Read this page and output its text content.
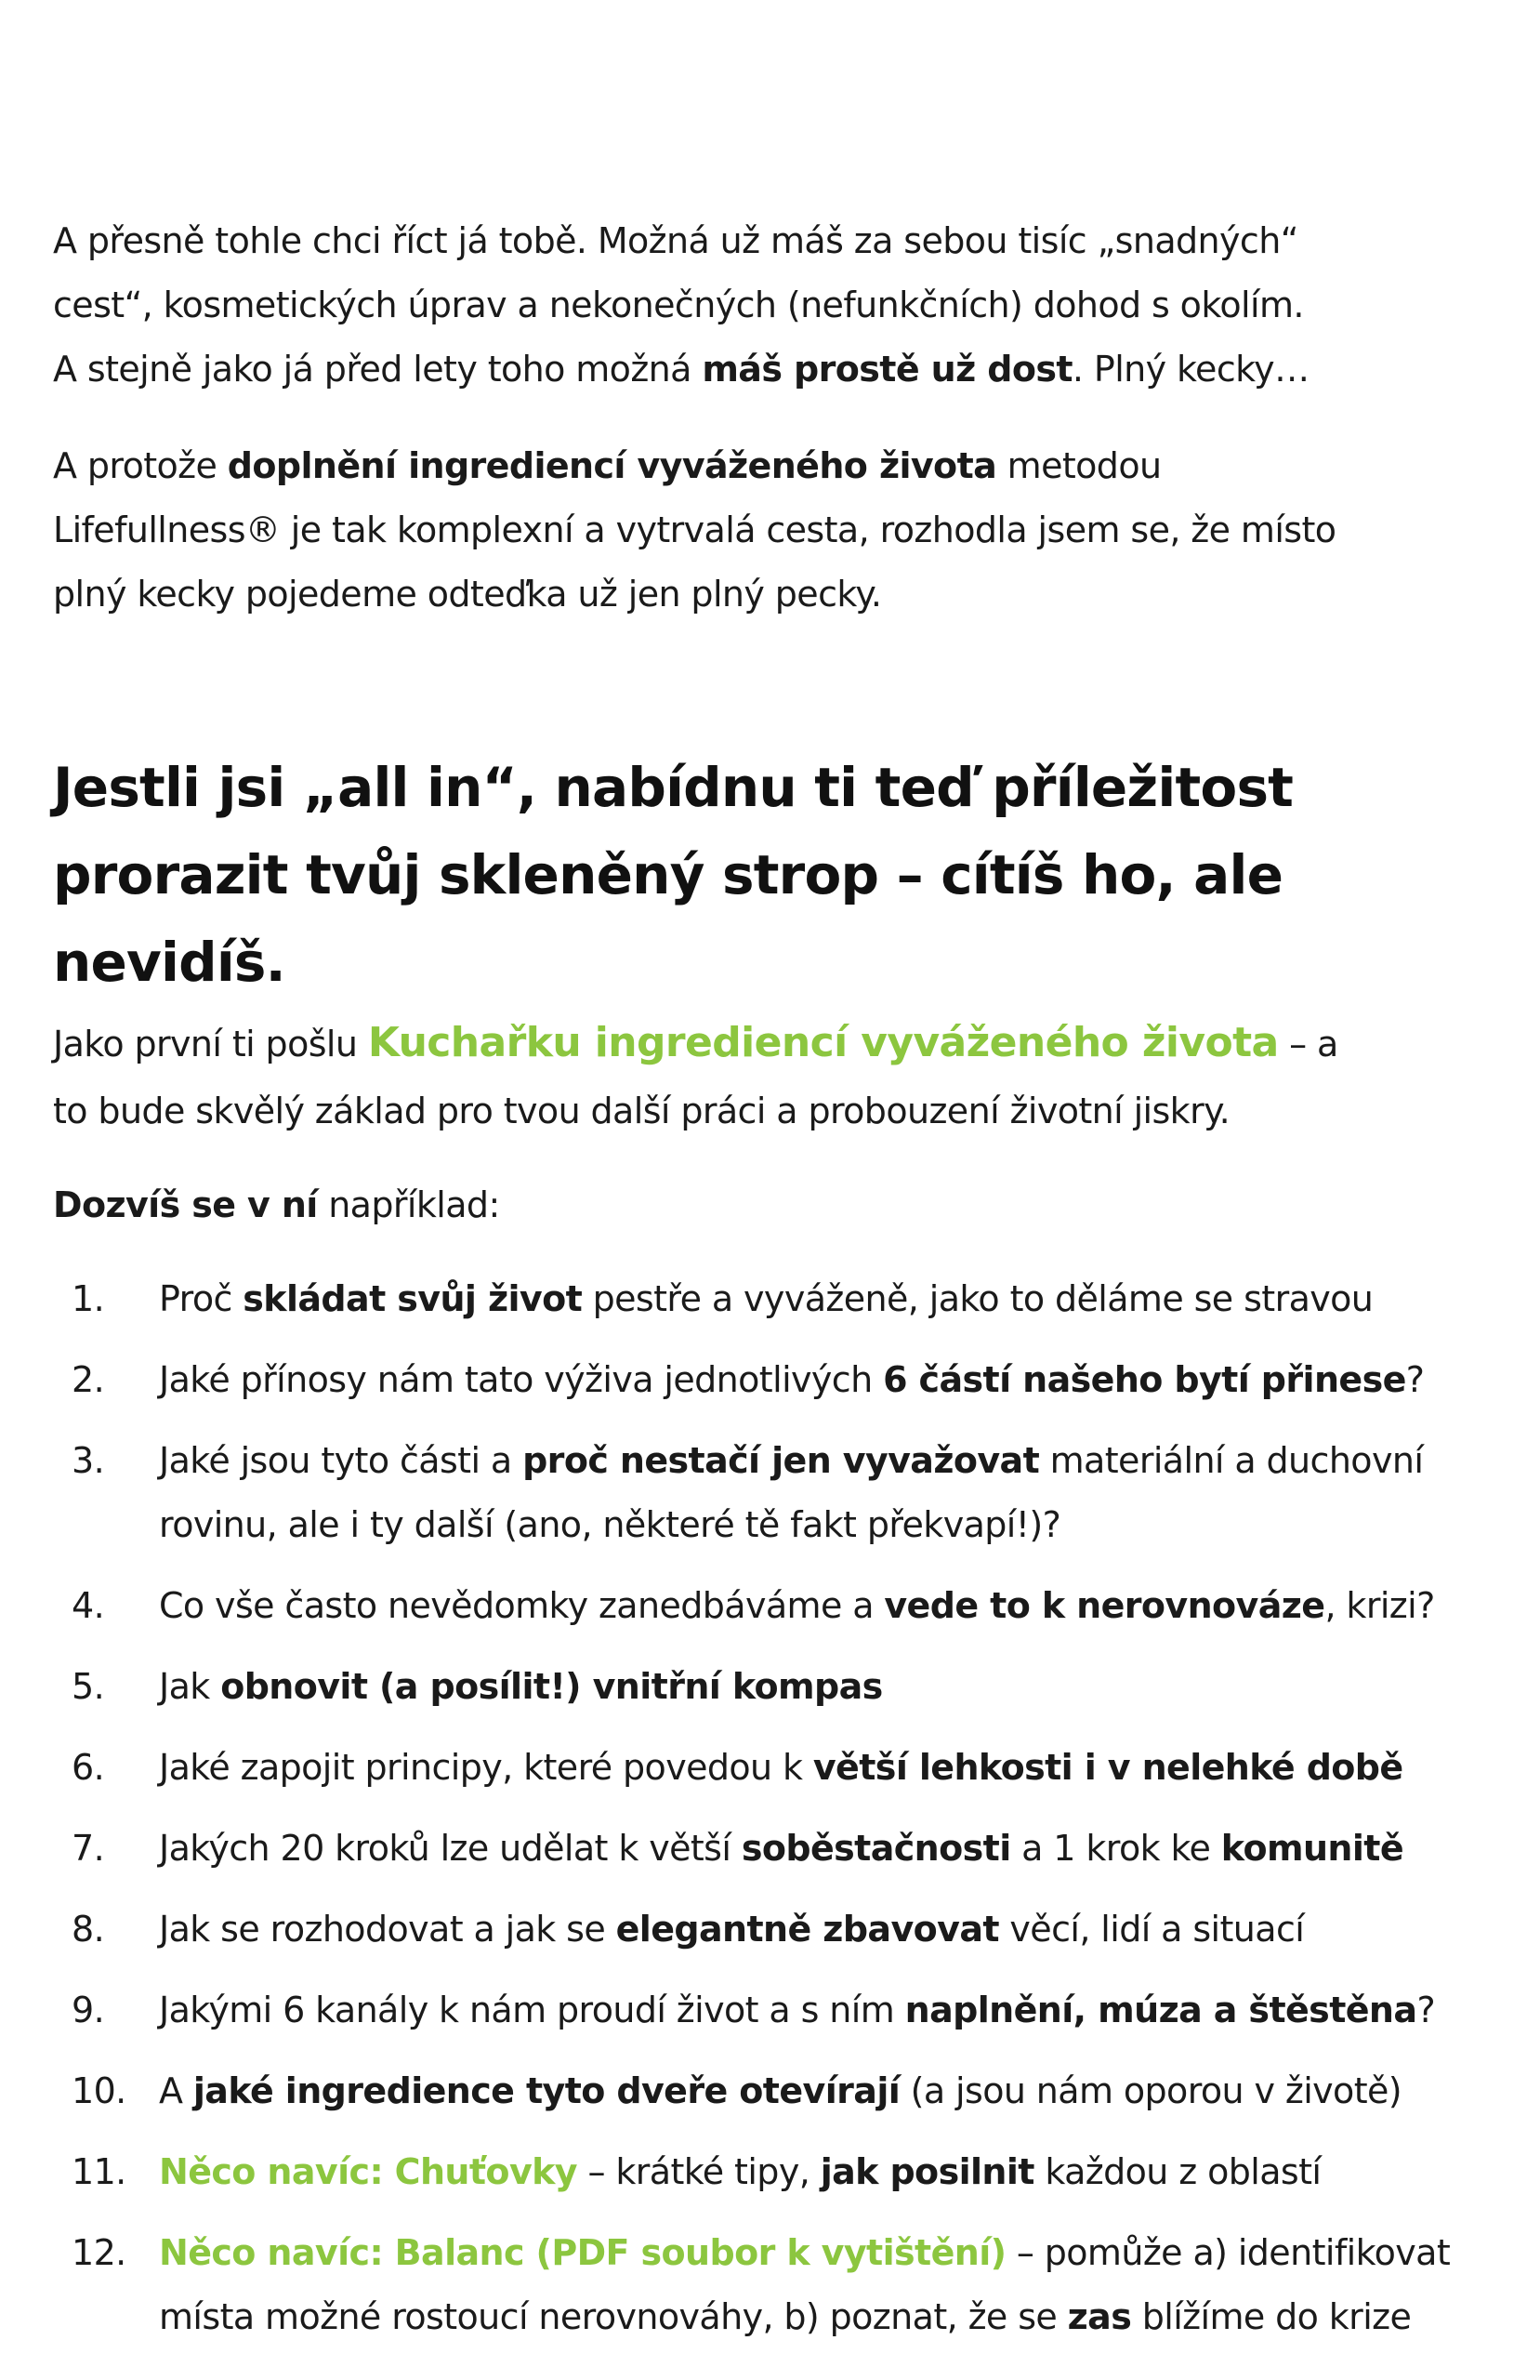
A přesně tohle chci říct já tobě. Možná už máš za sebou tisíc „snadných“
cest“, kosmetických úprav a nekonečných (nefunkčních) dohod s okolím.
A stejně jako já před lety toho možná máš prostě už dost. Plný kecky…
A protože doplnění ingrediencí vyváženého života metodou
Lifefullness® je tak komplexní a vytrvalá cesta, rozhodla jsem se, že místo
plný kecky pojedeme odteďka už jen plný pecky.
Jestli jsi „all in“, nabídnu ti teď příležitost
prorazit tvůj skleněný strop – cítíš ho, ale nevidíš.
Jako první ti pošlu Kuchařku ingrediencí vyváženého života – a
to bude skvělý základ pro tvou další práci a probouzení životní jiskry.
Dozvíš se v ní například:
1. Proč skládat svůj život pestře a vyváženě, jako to děláme se stravou
2. Jaké přínosy nám tato výživa jednotlivých 6 částí našeho bytí přinese?
3. Jaké jsou tyto části a proč nestačí jen vyvažovat materiální a duchovní
rovinu, ale i ty další (ano, některé tě fakt překvapí!)?
4. Co vše často nevědomky zanedbáváme a vede to k nerovnováze, krizi?
5. Jak obnovit (a posílit!) vnitřní kompas
6. Jaké zapojit principy, které povedou k větší lehkosti i v nelehké době
7. Jakých 20 kroků lze udělat k větší soběstačnosti a 1 krok ke komunitě
8. Jak se rozhodovat a jak se elegantně zbavovat věcí, lidí a situací
9. Jakými 6 kanály k nám proudí život a s ním naplnění, múza a štěstěna?
10. A jaké ingredience tyto dveře otevírají (a jsou nám oporou v životě)
11. Něco navíc: Chuťovky – krátké tipy, jak posilnit každou z oblastí
12. Něco navíc: Balanc (PDF soubor k vytištění) – pomůže a) identifikovat
místa možné rostoucí nerovnováhy, b) poznat, že se zas blížíme do krize
